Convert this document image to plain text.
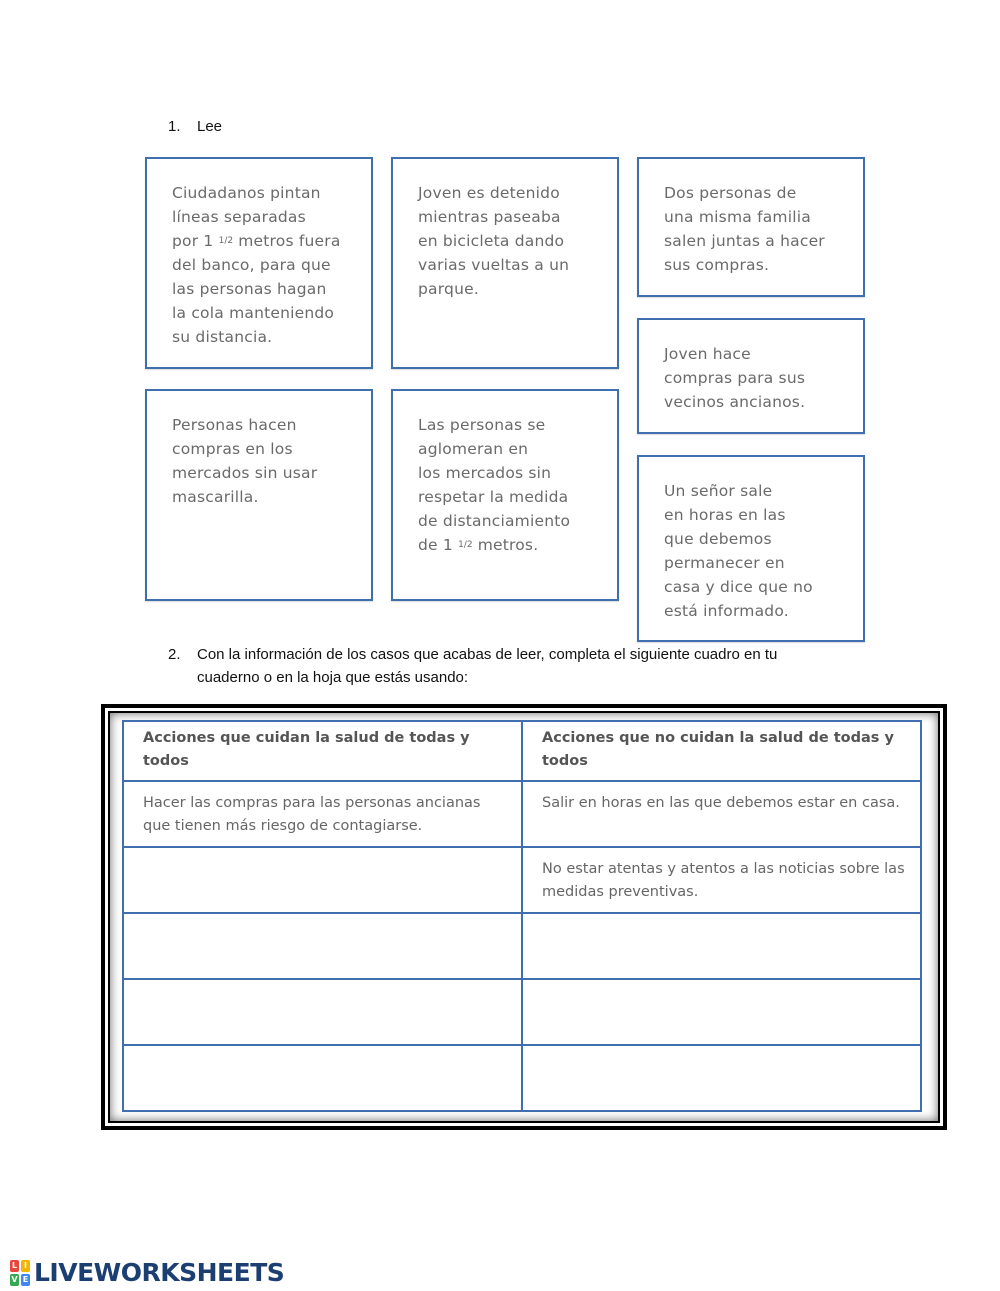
1. Lee
Ciudadanos pintan
líneas separadas
por 1 1/2 metros fuera
del banco, para que
las personas hagan
la cola manteniendo
su distancia.
Joven es detenido
mientras paseaba
en bicicleta dando
varias vueltas a un
parque.
Dos personas de
una misma familia
salen juntas a hacer
sus compras.
Joven hace
compras para sus
vecinos ancianos.
Personas hacen
compras en los
mercados sin usar
mascarilla.
Las personas se
aglomeran en
los mercados sin
respetar la medida
de distanciamiento
de 1 1/2 metros.
Un señor sale
en horas en las
que debemos
permanecer en
casa y dice que no
está informado.
2. Con la información de los casos que acabas de leer, completa el siguiente cuadro en tu
cuaderno o en la hoja que estás usando:
Acciones que cuidan la salud de todas y todos	Acciones que no cuidan la salud de todas y todos
Hacer las compras para las personas ancianas que tienen más riesgo de contagiarse.	Salir en horas en las que debemos estar en casa.
	No estar atentas y atentos a las noticias sobre las medidas preventivas.

L I
V E LIVEWORKSHEETS
